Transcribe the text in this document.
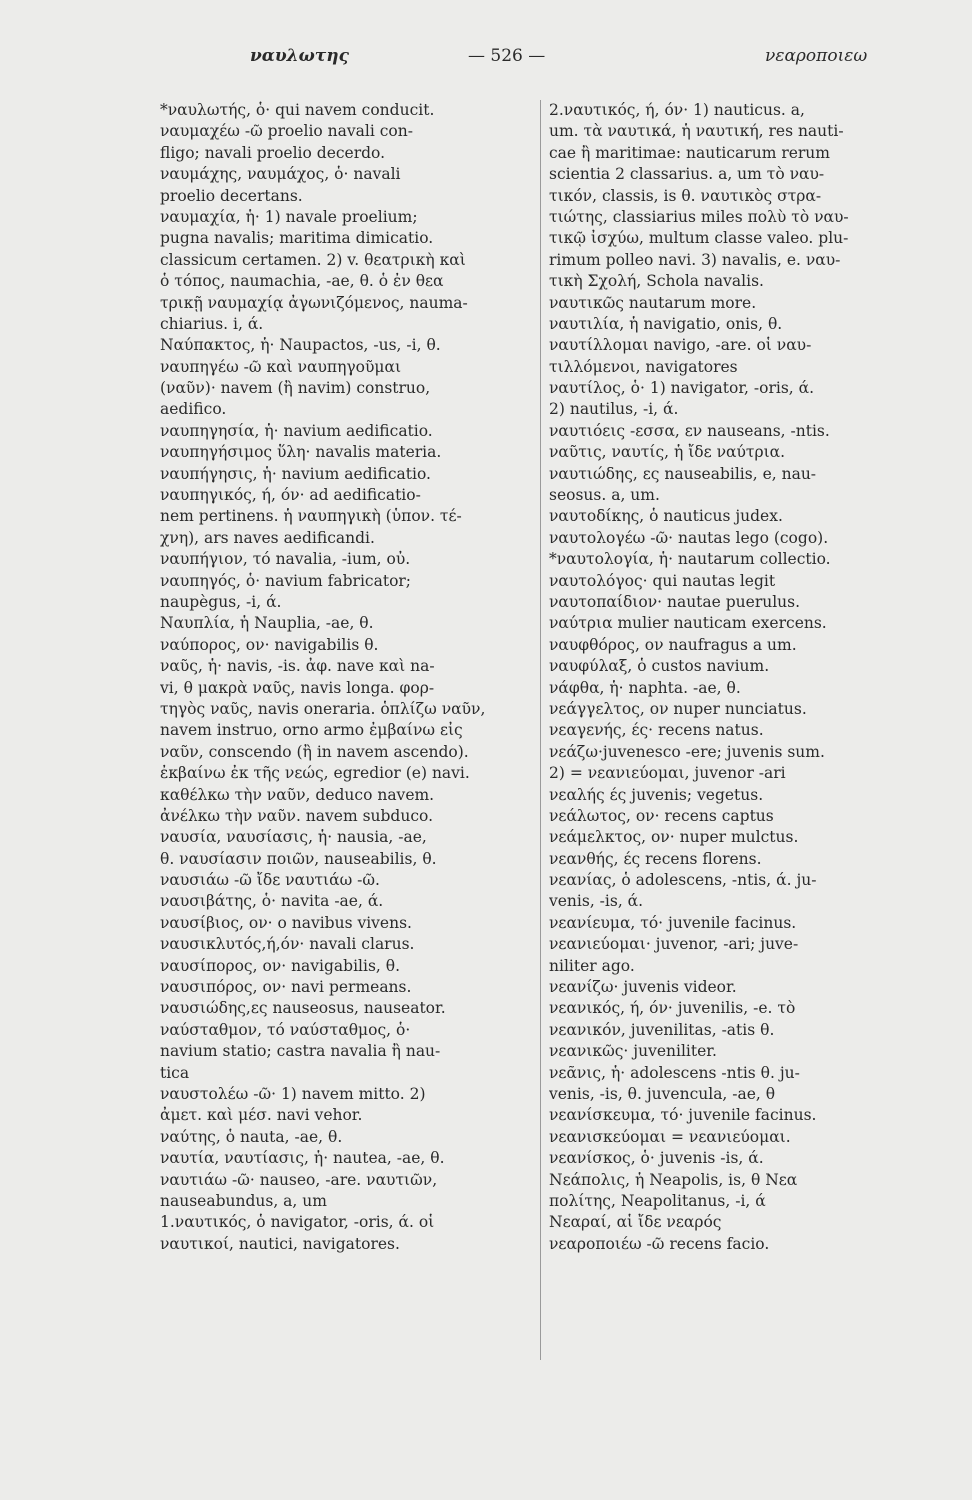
ναυλωτης	— 526 —	νεαροποιεω
*ναυλωτής, ὁ· qui navem conducit.
ναυμαχέω -ῶ proelio navali con-
fligo; navali proelio decerdo.
ναυμάχης, ναυμάχος, ὁ· navali
proelio decertans.
ναυμαχία, ἡ· 1) navale proelium;
pugna navalis; maritima dimicatio.
classicum certamen. 2) v. θεατρικὴ καὶ
ὁ τόπος, naumachia, -ae, θ. ὁ ἐν θεα
τρικῇ ναυμαχίᾳ ἀγωνιζόμενος, nauma-
chiarius. i, ά.
Ναύπακτος, ἡ· Naupactos, -us, -i, θ.
ναυπηγέω -ῶ καὶ ναυπηγοῦμαι
(ναῦν)· navem (ἢ navim) construo,
aedifico.
ναυπηγησία, ἡ· navium aedificatio.
ναυπηγήσιμος ὕλη· navalis materia.
ναυπήγησις, ἡ· navium aedificatio.
ναυπηγικός, ή, όν· ad aedificatio-
nem pertinens. ἡ ναυπηγικὴ (ὑπον. τέ-
χνη), ars naves aedificandi.
ναυπήγιον, τό navalia, -ium, οὐ.
ναυπηγός, ὁ· navium fabricator;
naupègus, -i, ά.
Ναυπλία, ἡ Nauplia, -ae, θ.
ναύπορος, ον· navigabilis θ.
ναῦς, ἡ· navis, -is. ἀφ. nave καὶ na-
vi, θ μακρὰ ναῦς, navis longa. φορ-
τηγὸς ναῦς, navis oneraria. ὁπλίζω ναῦν,
navem instruo, orno armo ἐμβαίνω εἰς
ναῦν, conscendo (ἢ in navem ascendo).
ἐκβαίνω ἐκ τῆς νεώς, egredior (e) navi.
καθέλκω τὴν ναῦν, deduco navem.
ἀνέλκω τὴν ναῦν. navem subduco.
ναυσία, ναυσίασις, ἡ· nausia, -ae,
θ. ναυσίασιν ποιῶν, nauseabilis, θ.
ναυσιάω -ῶ ἴδε ναυτιάω -ῶ.
ναυσιβάτης, ὁ· navita -ae, ά.
ναυσίβιος, ον· ο navibus vivens.
ναυσικλυτός,ή,όν· navali clarus.
ναυσίπορος, ον· navigabilis, θ.
ναυσιπόρος, ον· navi permeans.
ναυσιώδης,ες nauseosus, nauseator.
ναύσταθμον, τό ναύσταθμος, ὁ·
navium statio; castra navalia ἢ nau-
tica
ναυστολέω -ῶ· 1) navem mitto. 2)
ἀμετ. καὶ μέσ. navi vehor.
ναύτης, ὁ nauta, -ae, θ.
ναυτία, ναυτίασις, ἡ· nautea, -ae, θ.
ναυτιάω -ῶ· nauseo, -are. ναυτιῶν,
nauseabundus, a, um
1.ναυτικός, ὁ navigator, -oris, ά. οἱ
ναυτικοί, nautici, navigatores.
2.ναυτικός, ή, όν· 1) nauticus. a,
um. τὰ ναυτικά, ἡ ναυτική, res nauti-
cae ἢ maritimae: nauticarum rerum
scientia 2 classarius. a, um τὸ ναυ-
τικόν, classis, is θ. ναυτικὸς στρα-
τιώτης, classiarius miles πολὺ τὸ ναυ-
τικῷ ἰσχύω, multum classe valeo. plu-
rimum polleo navi. 3) navalis, e. ναυ-
τικὴ Σχολή, Schola navalis.
ναυτικῶς nautarum more.
ναυτιλία, ἡ navigatio, onis, θ.
ναυτίλλομαι navigo, -are. οἱ ναυ-
τιλλόμενοι, navigatores
ναυτίλος, ὁ· 1) navigator, -oris, ά.
2) nautilus, -i, ά.
ναυτιόεις -εσσα, εν nauseans, -ntis.
ναῦτις, ναυτίς, ἡ ἴδε ναύτρια.
ναυτιώδης, ες nauseabilis, e, nau-
seosus. a, um.
ναυτοδίκης, ὁ nauticus judex.
ναυτολογέω -ῶ· nautas lego (cogo).
*ναυτολογία, ἡ· nautarum collectio.
ναυτολόγος· qui nautas legit
ναυτοπαίδιον· nautae puerulus.
ναύτρια mulier nauticam exercens.
ναυφθόρος, ον naufragus a um.
ναυφύλαξ, ὁ custos navium.
νάφθα, ἡ· naphta. -ae, θ.
νεάγγελτος, ον nuper nunciatus.
νεαγενής, ές· recens natus.
νεάζω·juvenesco -ere; juvenis sum.
2) = νεανιεύομαι, juvenor -ari
νεαλής ές juvenis; vegetus.
νεάλωτος, ον· recens captus
νεάμελκτος, ον· nuper mulctus.
νεανθής, ές recens florens.
νεανίας, ὁ adolescens, -ntis, ά. ju-
venis, -is, ά.
νεανίευμα, τό· juvenile facinus.
νεανιεύομαι· juvenor, -ari; juve-
niliter ago.
νεανίζω· juvenis videor.
νεανικός, ή, όν· juvenilis, -e. τὸ
νεανικόν, juvenilitas, -atis θ.
νεανικῶς· juveniliter.
νεᾶνις, ἡ· adolescens -ntis θ. ju-
venis, -is, θ. juvencula, -ae, θ
νεανίσκευμα, τό· juvenile facinus.
νεανισκεύομαι = νεανιεύομαι.
νεανίσκος, ὁ· juvenis -is, ά.
Νεάπολις, ἡ Neapolis, is, θ Νεα
πολίτης, Neapolitanus, -i, ά
Νεαραί, αἱ ἴδε νεαρός
νεαροποιέω -ῶ recens facio.
